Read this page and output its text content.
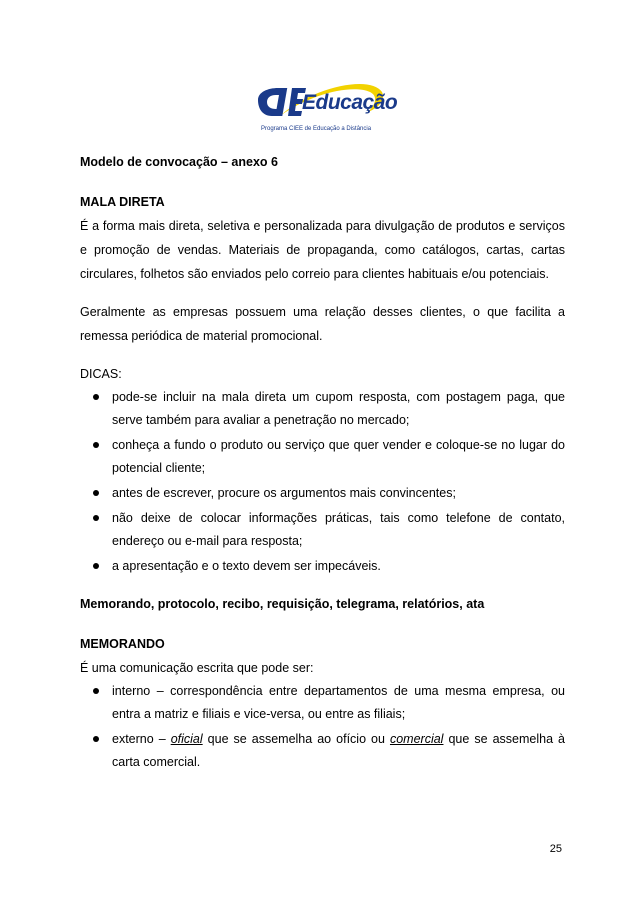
Educação
Programa CIEE de Educação a Distância

Modelo de convocação – anexo 6

MALA DIRETA

É a forma mais direta, seletiva e personalizada para divulgação de produtos e serviços e promoção de vendas. Materiais de propaganda, como catálogos, cartas, cartas circulares, folhetos são enviados pelo correio para clientes habituais e/ou potenciais.

Geralmente as empresas possuem uma relação desses clientes, o que facilita a remessa periódica de material promocional.

DICAS:

pode-se incluir na mala direta um cupom resposta, com postagem paga, que serve também para avaliar a penetração no mercado;
conheça a fundo o produto ou serviço que quer vender e coloque-se no lugar do potencial cliente;
antes de escrever, procure os argumentos mais convincentes;
não deixe de colocar informações práticas, tais como telefone de contato, endereço ou e-mail para resposta;
a apresentação e o texto devem ser impecáveis.

Memorando, protocolo, recibo, requisição, telegrama, relatórios, ata

MEMORANDO

É uma comunicação escrita que pode ser:

interno – correspondência entre departamentos de uma mesma empresa, ou entra a matriz e filiais e vice-versa, ou entre as filiais;
externo – oficial que se assemelha ao ofício ou comercial que se assemelha à carta comercial.
25
